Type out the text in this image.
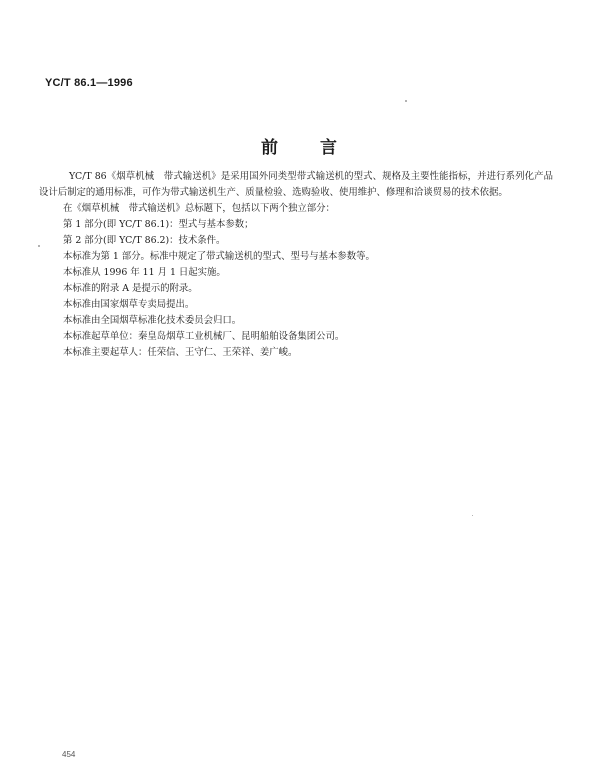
YC/T 86.1—1996
前 言

YC/T 86《烟草机械　带式输送机》是采用国外同类型带式输送机的型式、规格及主要性能指标，并进行系列化产品设计后制定的通用标准，可作为带式输送机生产、质量检验、选购验收、使用维护、修理和洽谈贸易的技术依据。

在《烟草机械　带式输送机》总标题下，包括以下两个独立部分：

第 1 部分(即 YC/T 86.1)：型式与基本参数；

第 2 部分(即 YC/T 86.2)：技术条件。

本标准为第 1 部分。标准中规定了带式输送机的型式、型号与基本参数等。

本标准从 1996 年 11 月 1 日起实施。

本标准的附录 A 是提示的附录。

本标准由国家烟草专卖局提出。

本标准由全国烟草标准化技术委员会归口。

本标准起草单位：秦皇岛烟草工业机械厂、昆明船舶设备集团公司。

本标准主要起草人：任荣信、王守仁、王荣祥、姜广峻。

454
